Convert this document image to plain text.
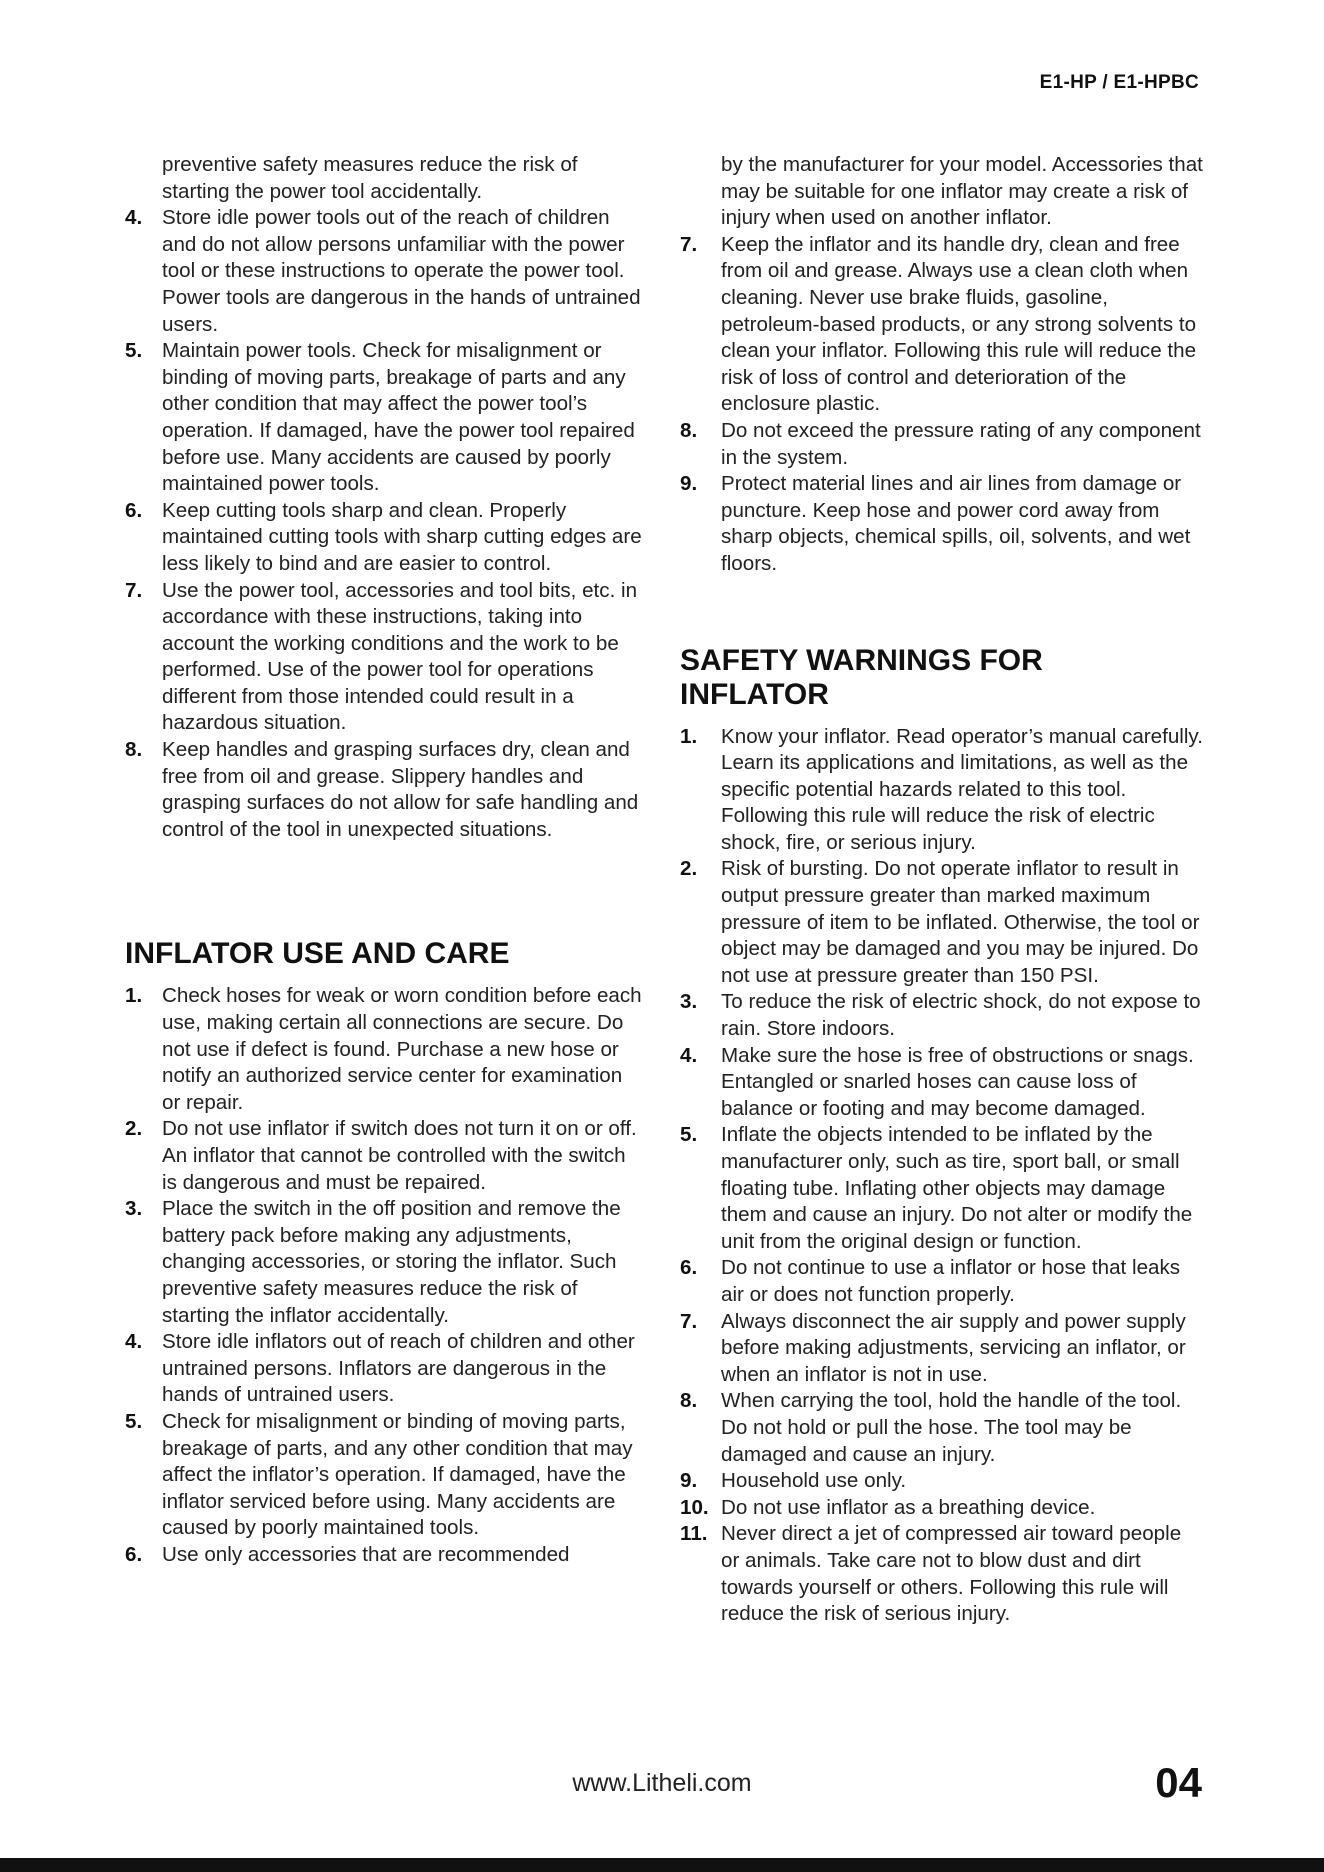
E1-HP / E1-HPBC

preventive safety measures reduce the risk of starting the power tool accidentally.

4. Store idle power tools out of the reach of children and do not allow persons unfamiliar with the power tool or these instructions to operate the power tool. Power tools are dangerous in the hands of untrained users.
5. Maintain power tools. Check for misalignment or binding of moving parts, breakage of parts and any other condition that may affect the power tool’s operation. If damaged, have the power tool repaired before use. Many accidents are caused by poorly maintained power tools.
6. Keep cutting tools sharp and clean. Properly maintained cutting tools with sharp cutting edges are less likely to bind and are easier to control.
7. Use the power tool, accessories and tool bits, etc. in accordance with these instructions, taking into account the working conditions and the work to be performed. Use of the power tool for operations different from those intended could result in a hazardous situation.
8. Keep handles and grasping surfaces dry, clean and free from oil and grease. Slippery handles and grasping surfaces do not allow for safe handling and control of the tool in unexpected situations.
INFLATOR USE AND CARE
1. Check hoses for weak or worn condition before each use, making certain all connections are secure. Do not use if defect is found. Purchase a new hose or notify an authorized service center for examination or repair.
2. Do not use inflator if switch does not turn it on or off. An inflator that cannot be controlled with the switch is dangerous and must be repaired.
3. Place the switch in the off position and remove the battery pack before making any adjustments, changing accessories, or storing the inflator. Such preventive safety measures reduce the risk of starting the inflator accidentally.
4. Store idle inflators out of reach of children and other untrained persons. Inflators are dangerous in the hands of untrained users.
5. Check for misalignment or binding of moving parts, breakage of parts, and any other condition that may affect the inflator’s operation. If damaged, have the inflator serviced before using. Many accidents are caused by poorly maintained tools.
6. Use only accessories that are recommended

by the manufacturer for your model. Accessories that may be suitable for one inflator may create a risk of injury when used on another inflator.

7. Keep the inflator and its handle dry, clean and free from oil and grease. Always use a clean cloth when cleaning. Never use brake fluids, gasoline, petroleum-based products, or any strong solvents to clean your inflator. Following this rule will reduce the risk of loss of control and deterioration of the enclosure plastic.
8. Do not exceed the pressure rating of any component in the system.
9. Protect material lines and air lines from damage or puncture. Keep hose and power cord away from sharp objects, chemical spills, oil, solvents, and wet floors.
SAFETY WARNINGS FOR
INFLATOR
1. Know your inflator. Read operator’s manual carefully. Learn its applications and limitations, as well as the specific potential hazards related to this tool. Following this rule will reduce the risk of electric shock, fire, or serious injury.
2. Risk of bursting. Do not operate inflator to result in output pressure greater than marked maximum pressure of item to be inflated. Otherwise, the tool or object may be damaged and you may be injured. Do not use at pressure greater than 150 PSI.
3. To reduce the risk of electric shock, do not expose to rain. Store indoors.
4. Make sure the hose is free of obstructions or snags. Entangled or snarled hoses can cause loss of balance or footing and may become damaged.
5. Inflate the objects intended to be inflated by the manufacturer only, such as tire, sport ball, or small floating tube. Inflating other objects may damage them and cause an injury. Do not alter or modify the unit from the original design or function.
6. Do not continue to use a inflator or hose that leaks air or does not function properly.
7. Always disconnect the air supply and power supply before making adjustments, servicing an inflator, or when an inflator is not in use.
8. When carrying the tool, hold the handle of the tool. Do not hold or pull the hose. The tool may be damaged and cause an injury.
9. Household use only.
10. Do not use inflator as a breathing device.
11. Never direct a jet of compressed air toward people or animals. Take care not to blow dust and dirt towards yourself or others. Following this rule will reduce the risk of serious injury.
www.Litheli.com	04
